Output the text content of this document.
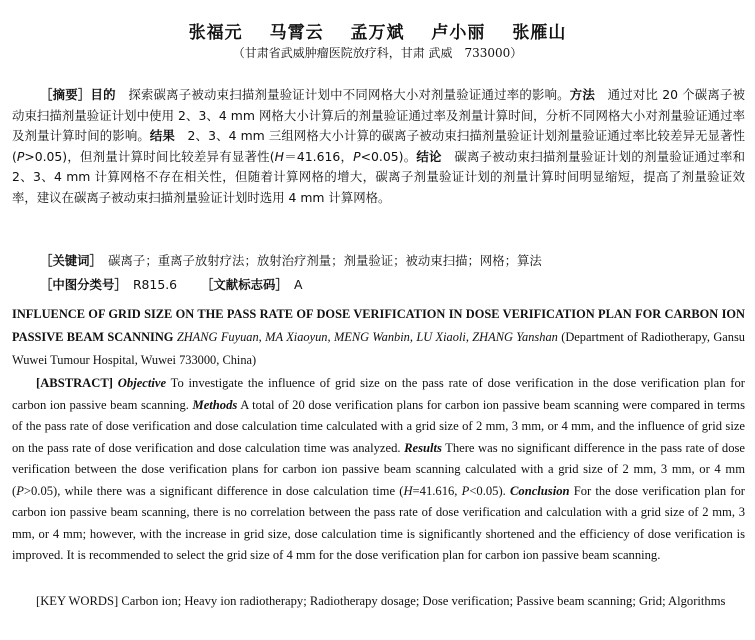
张福元 马霄云 孟万斌 卢小丽 张雁山
（甘肃省武威肿瘤医院放疗科，甘肃 武威　733000）
［摘要］目的　 探索碳离子被动束扫描剂量验证计划中不同网格大小对剂量验证通过率的影响。方法　 通过对比 20 个碳离子被动束扫描剂量验证计划中使用 2、3、4 mm 网格大小计算后的剂量验证通过率及剂量计算时间，分析不同网格大小对剂量验证通过率及剂量计算时间的影响。结果　 2、3、4 mm 三组网格大小计算的碳离子被动束扫描剂量验证计划剂量验证通过率比较差异无显著性(P>0.05)，但剂量计算时间比较差异有显著性(H＝41.616，P<0.05)。结论　 碳离子被动束扫描剂量验证计划的剂量验证通过率和 2、3、4 mm 计算网格不存在相关性，但随着计算网格的增大，碳离子剂量验证计划的剂量计算时间明显缩短，提高了剂量验证效率，建议在碳离子被动束扫描剂量验证计划时选用 4 mm 计算网格。
［关键词］　 碳离子；重离子放射疗法；放射治疗剂量；剂量验证；被动束扫描；网格；算法
［中图分类号］　 R815.6 ［文献标志码］　 A
INFLUENCE OF GRID SIZE ON THE PASS RATE OF DOSE VERIFICATION IN DOSE VERIFICATION PLAN FOR CARBON ION PASSIVE BEAM SCANNING ZHANG Fuyuan, MA Xiaoyun, MENG Wanbin, LU Xiaoli, ZHANG Yanshan (Department of Radiotherapy, Gansu Wuwei Tumour Hospital, Wuwei 733000, China)
[ABSTRACT] Objective To investigate the influence of grid size on the pass rate of dose verification in the dose verification plan for carbon ion passive beam scanning. Methods A total of 20 dose verification plans for carbon ion passive beam scanning were compared in terms of the pass rate of dose verification and dose calculation time calculated with a grid size of 2 mm, 3 mm, or 4 mm, and the influence of grid size on the pass rate of dose verification and dose calculation time was analyzed. Results There was no significant difference in the pass rate of dose verification between the dose verification plans for carbon ion passive beam scanning calculated with a grid size of 2 mm, 3 mm, or 4 mm (P>0.05), while there was a significant difference in dose calculation time (H=41.616, P<0.05). Conclusion For the dose verification plan for carbon ion passive beam scanning, there is no correlation between the pass rate of dose verification and calculation with a grid size of 2 mm, 3 mm, or 4 mm; however, with the increase in grid size, dose calculation time is significantly shortened and the efficiency of dose verification is improved. It is recommended to select the grid size of 4 mm for the dose verification plan for carbon ion passive beam scanning.
[KEY WORDS] Carbon ion; Heavy ion radiotherapy; Radiotherapy dosage; Dose verification; Passive beam scanning; Grid; Algorithms
